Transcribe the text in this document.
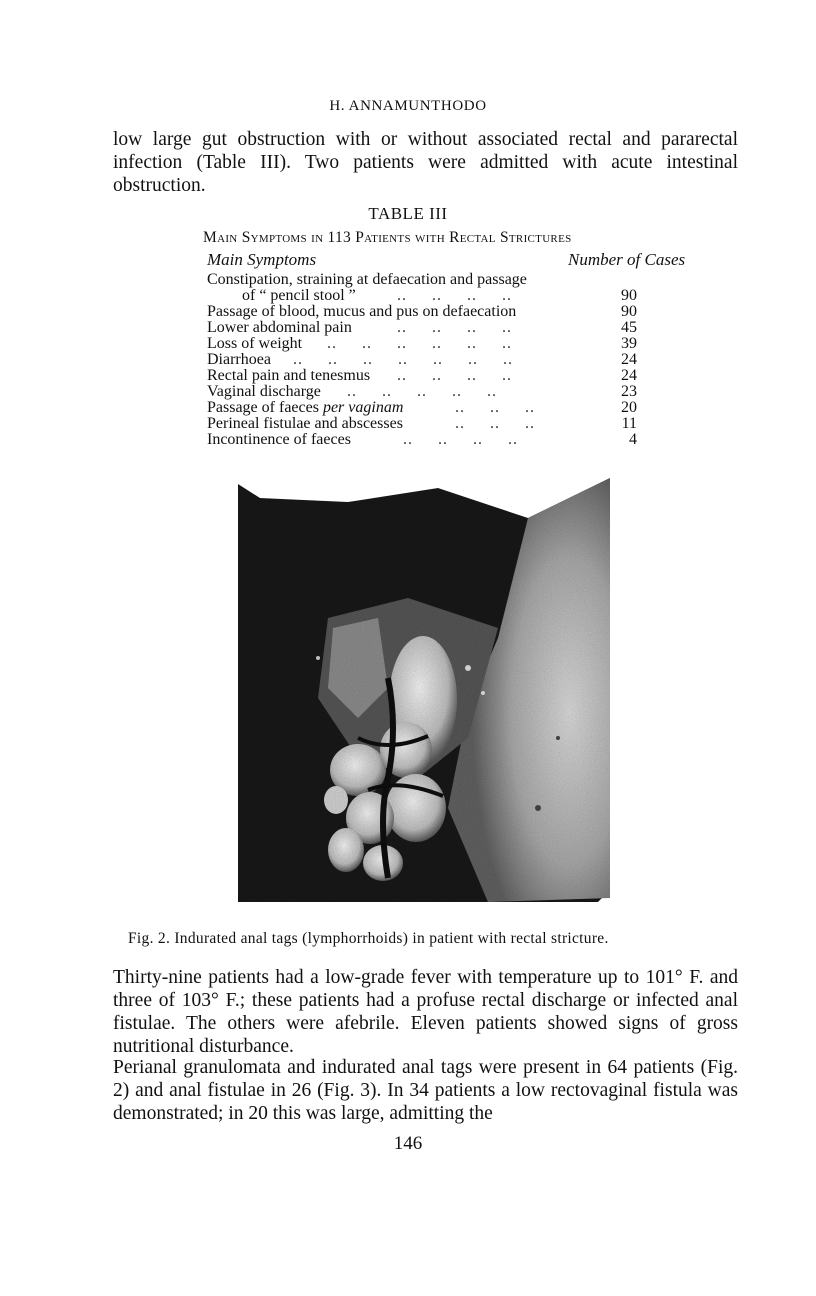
H. ANNAMUNTHODO

low large gut obstruction with or without associated rectal and pararectal infection (Table III). Two patients were admitted with acute intestinal obstruction.

TABLE III
Main Symptoms in 113 Patients with Rectal Strictures
Main Symptoms	Number of Cases
Constipation, straining at defaecation and passage
of “ pencil stool ”	..     ..     ..     ..	90
Passage of blood, mucus and pus on defaecation	90
Lower abdominal pain	..     ..     ..     ..	45
Loss of weight ..     ..     ..     ..     ..     ..	39
Diarrhoea ..     ..     ..     ..     ..     ..     ..	24
Rectal pain and tenesmus ..     ..     ..     ..	24
Vaginal discharge ..     ..     ..     ..     ..	23
Passage of faeces per vaginam	..     ..     ..	20
Perineal fistulae and abscesses	..     ..     ..	11
Incontinence of faeces	..     ..     ..     ..	4
Fig. 2. Indurated anal tags (lymphorrhoids) in patient with rectal stricture.

Thirty-nine patients had a low-grade fever with temperature up to 101° F. and three of 103° F.; these patients had a profuse rectal discharge or infected anal fistulae. The others were afebrile. Eleven patients showed signs of gross nutritional disturbance.

Perianal granulomata and indurated anal tags were present in 64 patients (Fig. 2) and anal fistulae in 26 (Fig. 3). In 34 patients a low rectovaginal fistula was demonstrated; in 20 this was large, admitting the

146
